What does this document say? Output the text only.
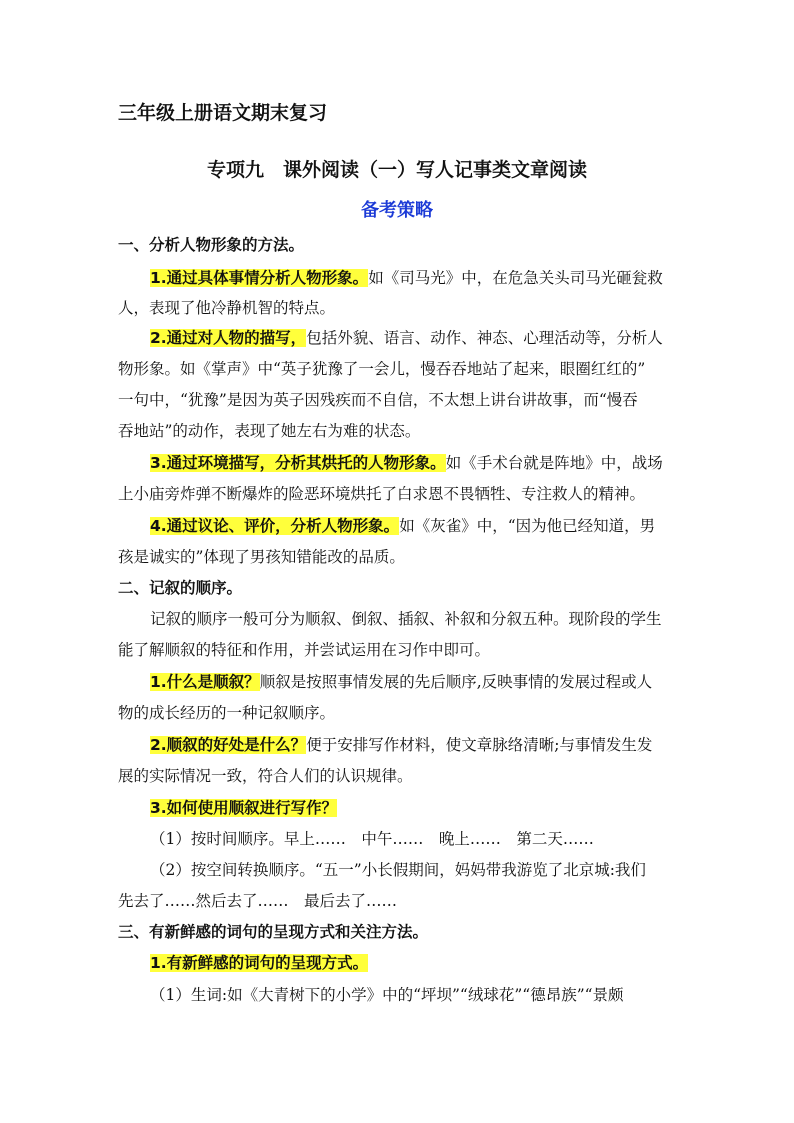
三年级上册语文期末复习
专项九　课外阅读（一）写人记事类文章阅读
备考策略
一、分析人物形象的方法。
1.通过具体事情分析人物形象。如《司马光》中，在危急关头司马光砸瓮救
人，表现了他冷静机智的特点。
2.通过对人物的描写，包括外貌、语言、动作、神态、心理活动等，分析人
物形象。如《掌声》中“英子犹豫了一会儿，慢吞吞地站了起来，眼圈红红的”
一句中，“犹豫”是因为英子因残疾而不自信，不太想上讲台讲故事，而“慢吞
吞地站”的动作，表现了她左右为难的状态。
3.通过环境描写，分析其烘托的人物形象。如《手术台就是阵地》中，战场
上小庙旁炸弹不断爆炸的险恶环境烘托了白求恩不畏牺牲、专注救人的精神。
4.通过议论、评价，分析人物形象。如《灰雀》中，“因为他已经知道，男
孩是诚实的”体现了男孩知错能改的品质。
二、记叙的顺序。
记叙的顺序一般可分为顺叙、倒叙、插叙、补叙和分叙五种。现阶段的学生
能了解顺叙的特征和作用，并尝试运用在习作中即可。
1.什么是顺叙？顺叙是按照事情发展的先后顺序,反映事情的发展过程或人
物的成长经历的一种记叙顺序。
2.顺叙的好处是什么？便于安排写作材料，使文章脉络清晰;与事情发生发
展的实际情况一致，符合人们的认识规律。
3.如何使用顺叙进行写作？
（1）按时间顺序。早上……　中午……　晚上……　第二天……
（2）按空间转换顺序。“五一”小长假期间，妈妈带我游览了北京城:我们
先去了……然后去了……　最后去了……
三、有新鲜感的词句的呈现方式和关注方法。
1.有新鲜感的词句的呈现方式。
（1）生词:如《大青树下的小学》中的“坪坝”“绒球花”“德昂族”“景颇
